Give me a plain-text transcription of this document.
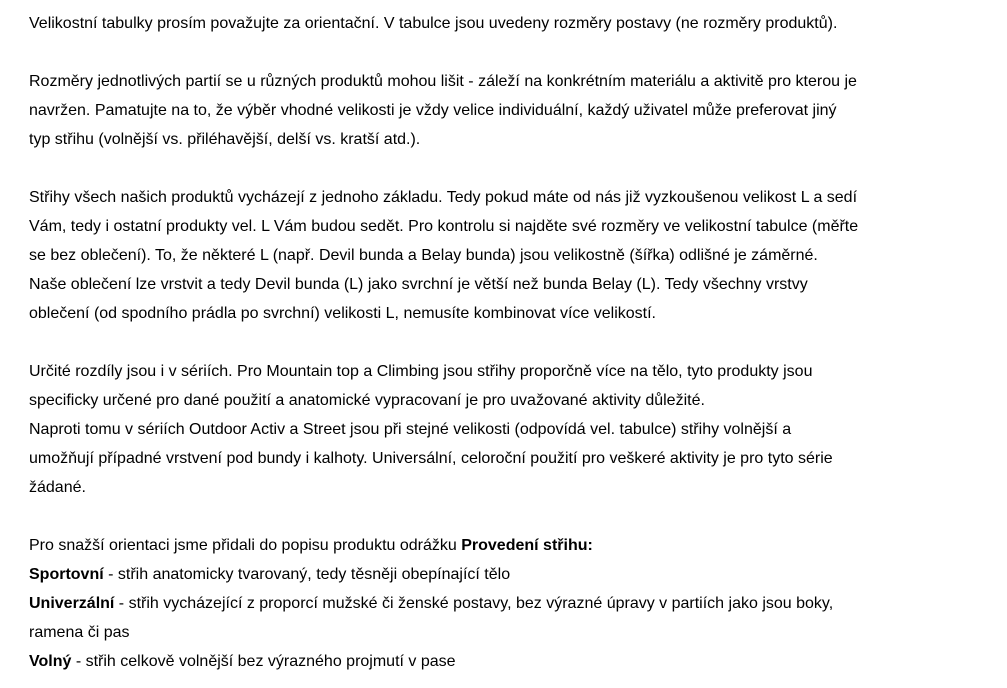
Velikostní tabulky prosím považujte za orientační. V tabulce jsou uvedeny rozměry postavy (ne rozměry produktů).
Rozměry jednotlivých partií se u různých produktů mohou lišit - záleží na konkrétním materiálu a aktivitě pro kterou je
navržen. Pamatujte na to, že výběr vhodné velikosti je vždy velice individuální, každý uživatel může preferovat jiný
typ střihu (volnější vs. přiléhavější, delší vs. kratší atd.).
Střihy všech našich produktů vycházejí z jednoho základu. Tedy pokud máte od nás již vyzkoušenou velikost L a sedí
Vám, tedy i ostatní produkty vel. L Vám budou sedět. Pro kontrolu si najděte své rozměry ve velikostní tabulce (měřte
se bez oblečení). To, že některé L (např. Devil bunda a Belay bunda) jsou velikostně (šířka) odlišné je záměrné.
Naše oblečení lze vrstvit a tedy Devil bunda (L) jako svrchní je větší než bunda Belay (L). Tedy všechny vrstvy
oblečení (od spodního prádla po svrchní) velikosti L, nemusíte kombinovat více velikostí.
Určité rozdíly jsou i v sériích. Pro Mountain top a Climbing jsou střihy proporčně více na tělo, tyto produkty jsou
specificky určené pro dané použití a anatomické vypracovaní je pro uvažované aktivity důležité.
Naproti tomu v sériích Outdoor Activ a Street jsou při stejné velikosti (odpovídá vel. tabulce) střihy volnější a
umožňují případné vrstvení pod bundy i kalhoty. Universální, celoroční použití pro veškeré aktivity je pro tyto série
žádané.
Pro snažší orientaci jsme přidali do popisu produktu odrážku Provedení střihu:
Sportovní - střih anatomicky tvarovaný, tedy těsněji obepínající tělo
Univerzální - střih vycházející z proporcí mužské či ženské postavy, bez výrazné úpravy v partiích jako jsou boky,
ramena či pas
Volný - střih celkově volnější bez výrazného projmutí v pase
